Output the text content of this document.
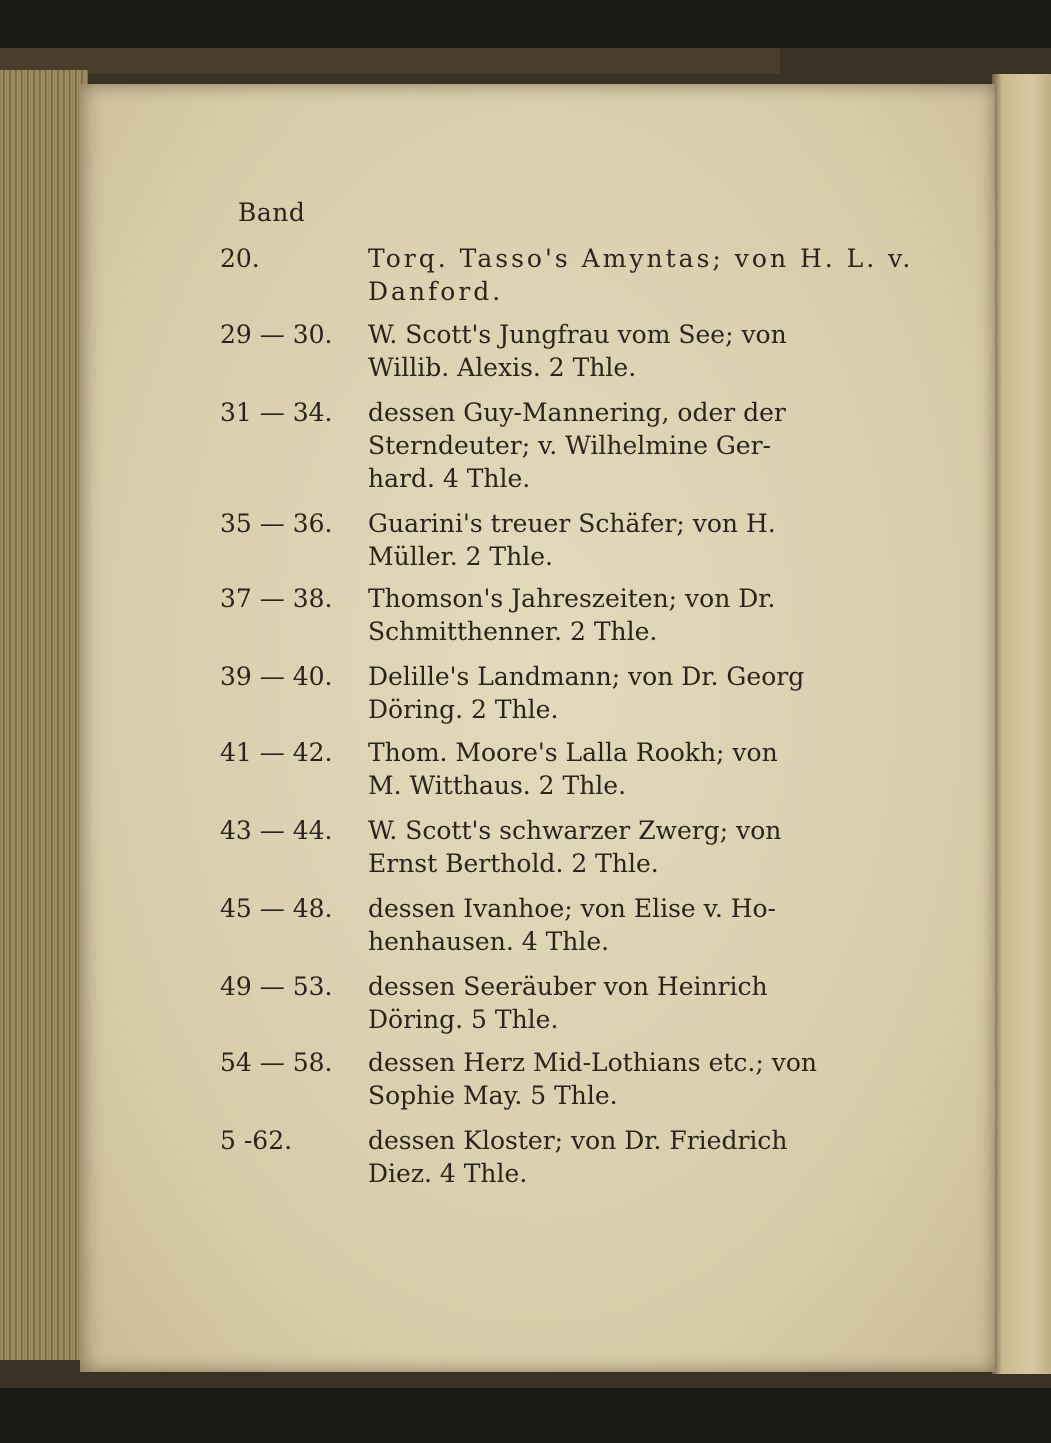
Band
20.	Torq. Tasso's Amyntas; von H. L. v.
Danford.
29 — 30.	W. Scott's Jungfrau vom See; von
Willib. Alexis. 2 Thle.
31 — 34.	dessen Guy-Mannering, oder der
Sterndeuter; v. Wilhelmine Ger-
hard. 4 Thle.
35 — 36.	Guarini's treuer Schäfer; von H.
Müller. 2 Thle.
37 — 38.	Thomson's Jahreszeiten; von Dr.
Schmitthenner. 2 Thle.
39 — 40.	Delille's Landmann; von Dr. Georg
Döring. 2 Thle.
41 — 42.	Thom. Moore's Lalla Rookh; von
M. Witthaus. 2 Thle.
43 — 44.	W. Scott's schwarzer Zwerg; von
Ernst Berthold. 2 Thle.
45 — 48.	dessen Ivanhoe; von Elise v. Ho-
henhausen. 4 Thle.
49 — 53.	dessen Seeräuber von Heinrich
Döring. 5 Thle.
54 — 58.	dessen Herz Mid-Lothians etc.; von
Sophie May. 5 Thle.
5 -62.	dessen Kloster; von Dr. Friedrich
Diez. 4 Thle.
